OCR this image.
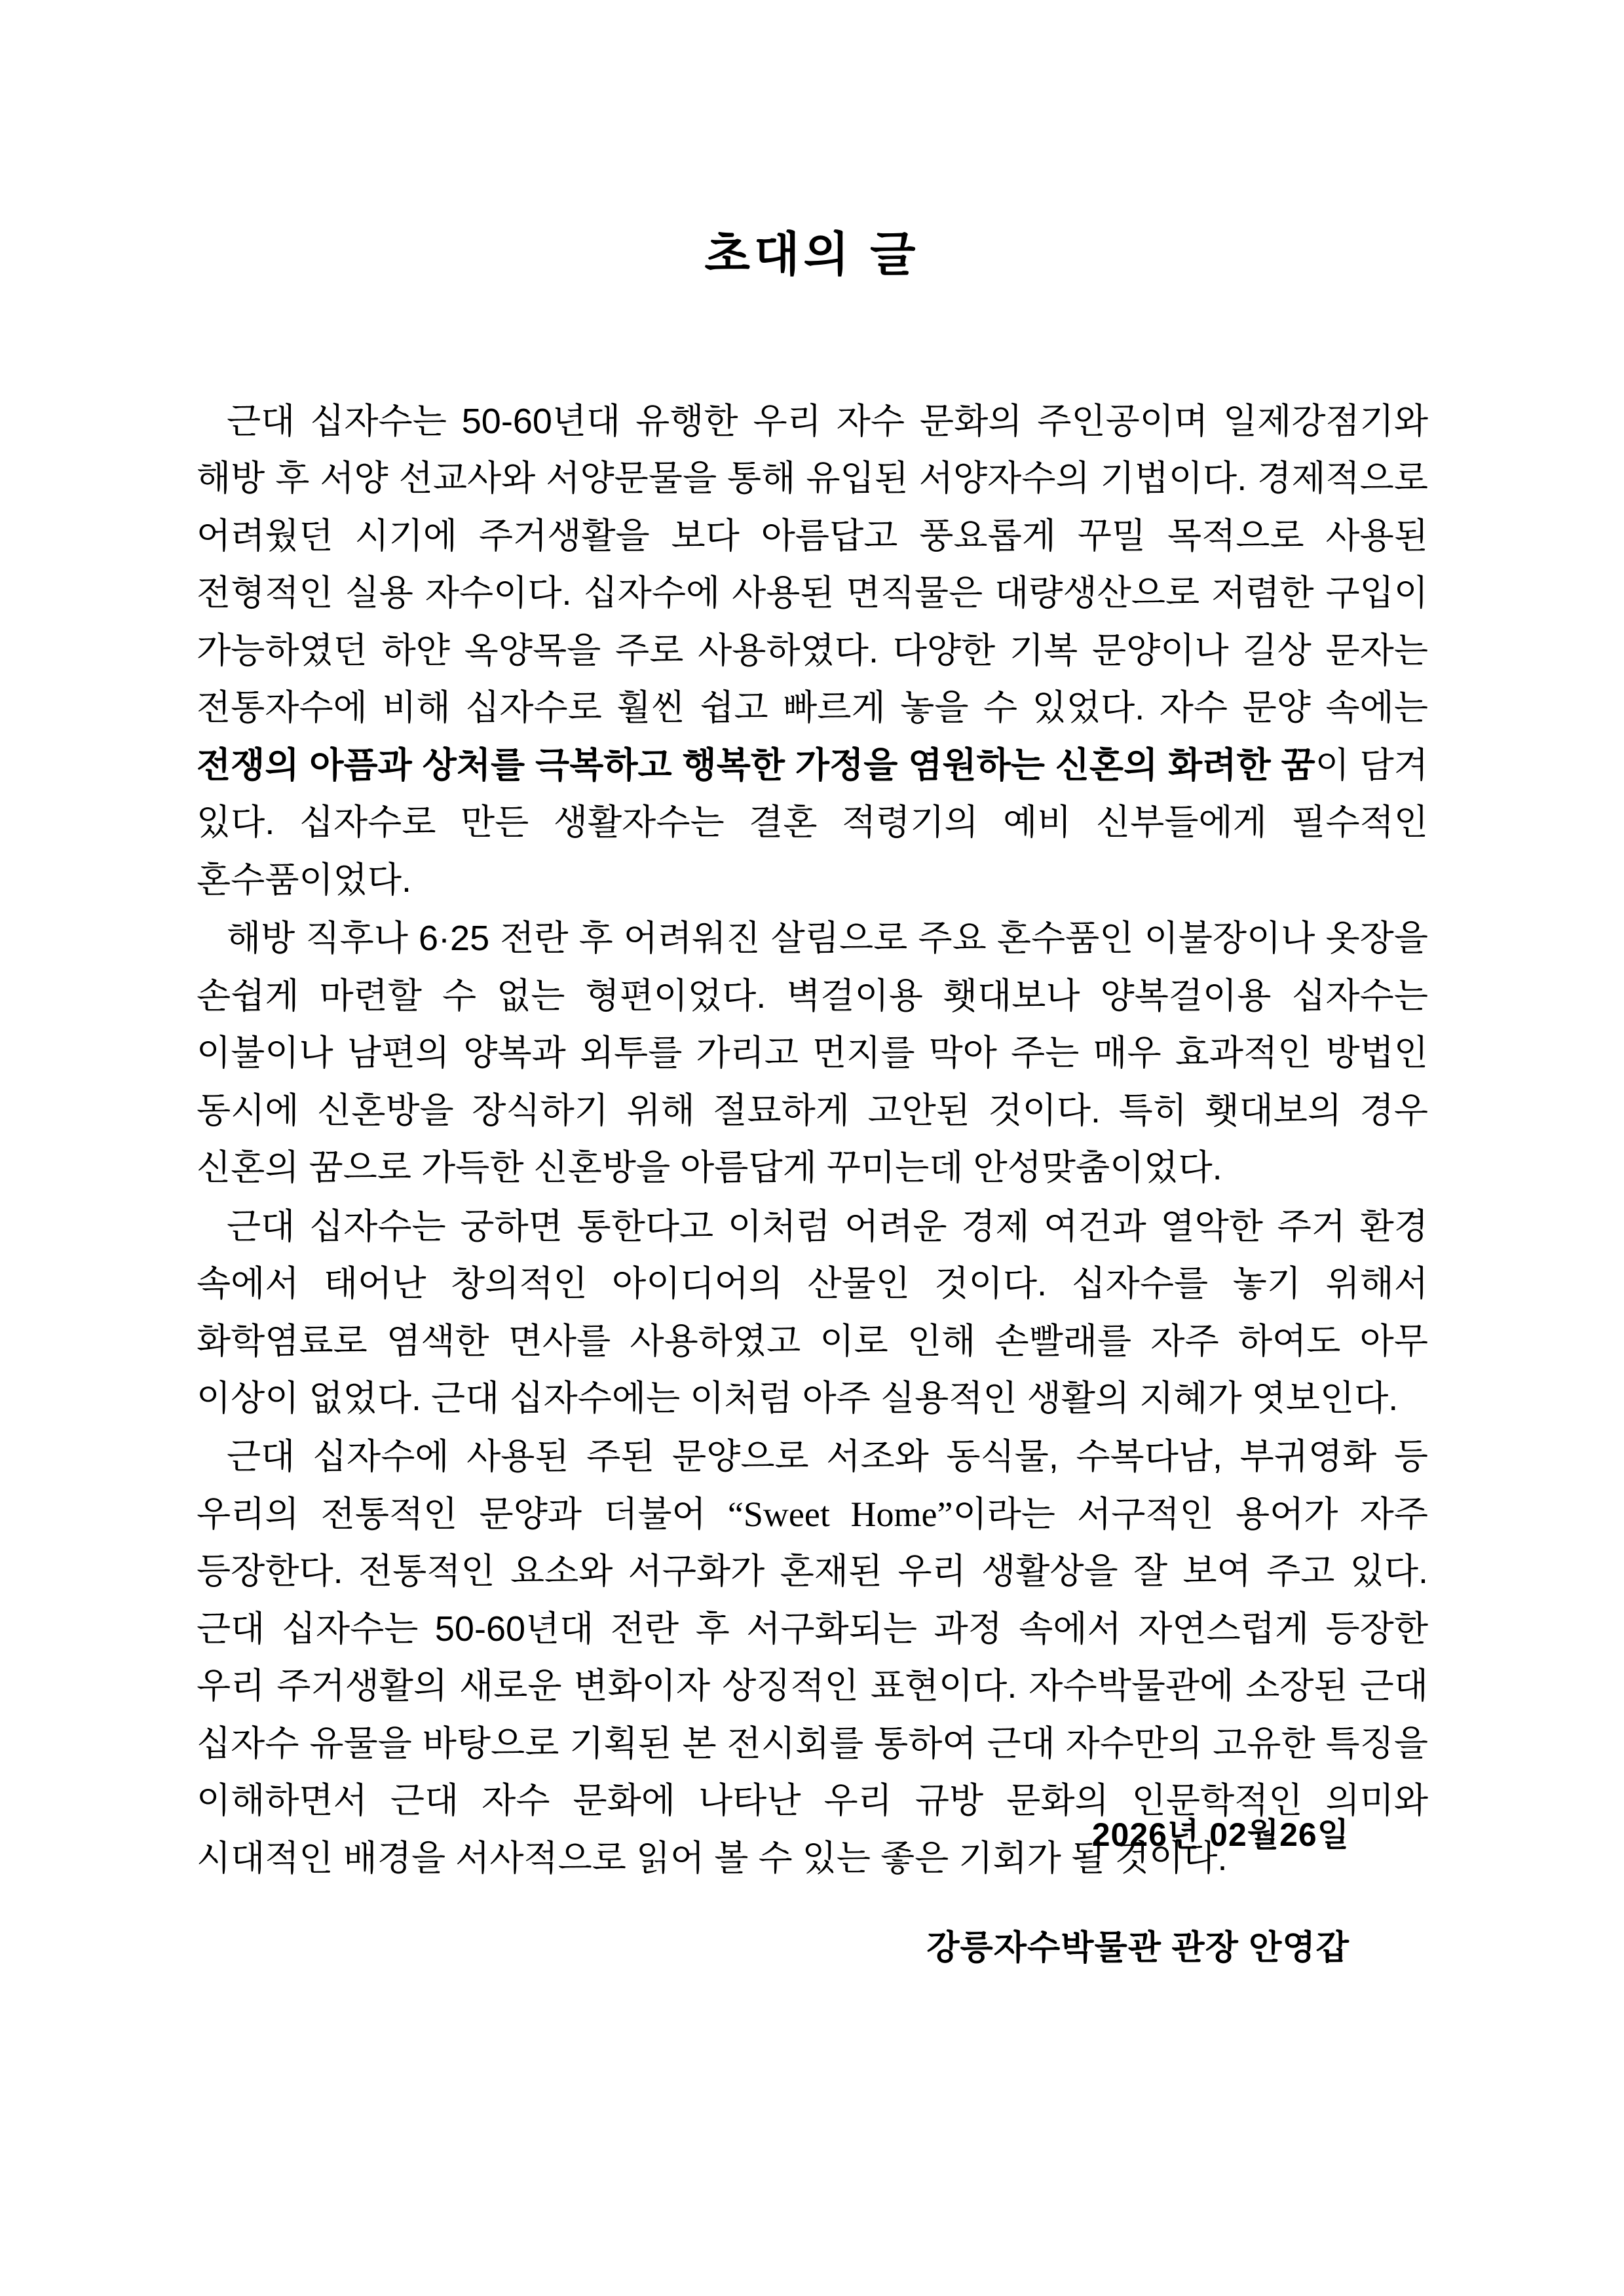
초대의 글

근대 십자수는 50-60년대 유행한 우리 자수 문화의 주인공이며 일제강점기와 해방 후 서양 선교사와 서양문물을 통해 유입된 서양자수의 기법이다. 경제적으로 어려웠던 시기에 주거생활을 보다 아름답고 풍요롭게 꾸밀 목적으로 사용된 전형적인 실용 자수이다. 십자수에 사용된 면직물은 대량생산으로 저렴한 구입이 가능하였던 하얀 옥양목을 주로 사용하였다. 다양한 기복 문양이나 길상 문자는 전통자수에 비해 십자수로 훨씬 쉽고 빠르게 놓을 수 있었다. 자수 문양 속에는 전쟁의 아픔과 상처를 극복하고 행복한 가정을 염원하는 신혼의 화려한 꿈이 담겨 있다. 십자수로 만든 생활자수는 결혼 적령기의 예비 신부들에게 필수적인 혼수품이었다.

해방 직후나 6·25 전란 후 어려워진 살림으로 주요 혼수품인 이불장이나 옷장을 손쉽게 마련할 수 없는 형편이었다. 벽걸이용 횃대보나 양복걸이용 십자수는 이불이나 남편의 양복과 외투를 가리고 먼지를 막아 주는 매우 효과적인 방법인 동시에 신혼방을 장식하기 위해 절묘하게 고안된 것이다. 특히 횃대보의 경우 신혼의 꿈으로 가득한 신혼방을 아름답게 꾸미는데 안성맞춤이었다.

근대 십자수는 궁하면 통한다고 이처럼 어려운 경제 여건과 열악한 주거 환경 속에서 태어난 창의적인 아이디어의 산물인 것이다. 십자수를 놓기 위해서 화학염료로 염색한 면사를 사용하였고 이로 인해 손빨래를 자주 하여도 아무 이상이 없었다. 근대 십자수에는 이처럼 아주 실용적인 생활의 지혜가 엿보인다.

근대 십자수에 사용된 주된 문양으로 서조와 동식물, 수복다남, 부귀영화 등 우리의 전통적인 문양과 더불어 “Sweet Home”이라는 서구적인 용어가 자주 등장한다. 전통적인 요소와 서구화가 혼재된 우리 생활상을 잘 보여 주고 있다. 근대 십자수는 50-60년대 전란 후 서구화되는 과정 속에서 자연스럽게 등장한 우리 주거생활의 새로운 변화이자 상징적인 표현이다. 자수박물관에 소장된 근대 십자수 유물을 바탕으로 기획된 본 전시회를 통하여 근대 자수만의 고유한 특징을 이해하면서 근대 자수 문화에 나타난 우리 규방 문화의 인문학적인 의미와 시대적인 배경을 서사적으로 읽어 볼 수 있는 좋은 기회가 될 것이다.

2026년 02월26일
강릉자수박물관 관장 안영갑
